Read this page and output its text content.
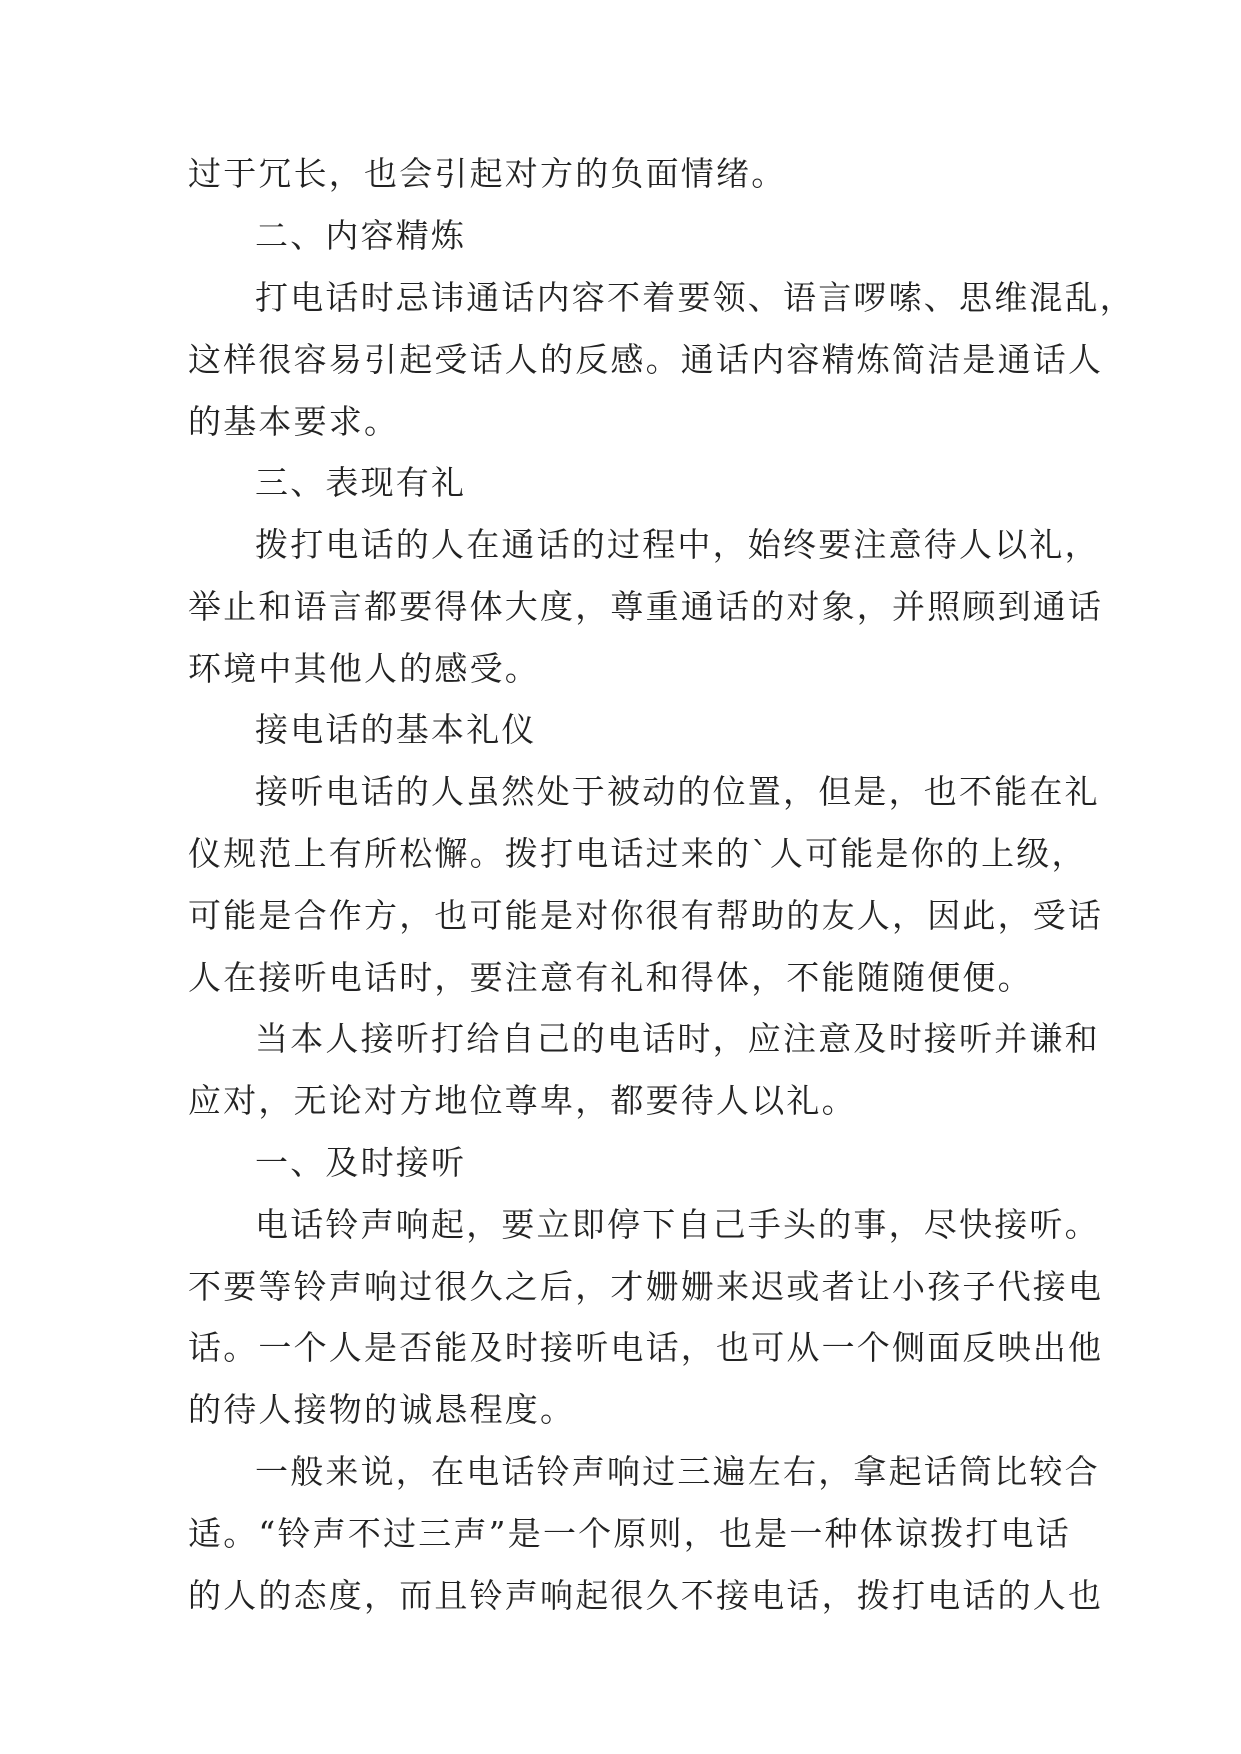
过于冗长，也会引起对方的负面情绪。
二、内容精炼
打电话时忌讳通话内容不着要领、语言啰嗦、思维混乱，
这样很容易引起受话人的反感。通话内容精炼简洁是通话人
的基本要求。
三、表现有礼
拨打电话的人在通话的过程中，始终要注意待人以礼，
举止和语言都要得体大度，尊重通话的对象，并照顾到通话
环境中其他人的感受。
接电话的基本礼仪
接听电话的人虽然处于被动的位置，但是，也不能在礼
仪规范上有所松懈。拨打电话过来的`人可能是你的上级，
可能是合作方，也可能是对你很有帮助的友人，因此，受话
人在接听电话时，要注意有礼和得体，不能随随便便。
当本人接听打给自己的电话时，应注意及时接听并谦和
应对，无论对方地位尊卑，都要待人以礼。
一、及时接听
电话铃声响起，要立即停下自己手头的事，尽快接听。
不要等铃声响过很久之后，才姗姗来迟或者让小孩子代接电
话。一个人是否能及时接听电话，也可从一个侧面反映出他
的待人接物的诚恳程度。
一般来说，在电话铃声响过三遍左右，拿起话筒比较合
适。“铃声不过三声”是一个原则，也是一种体谅拨打电话
的人的态度，而且铃声响起很久不接电话，拨打电话的人也
